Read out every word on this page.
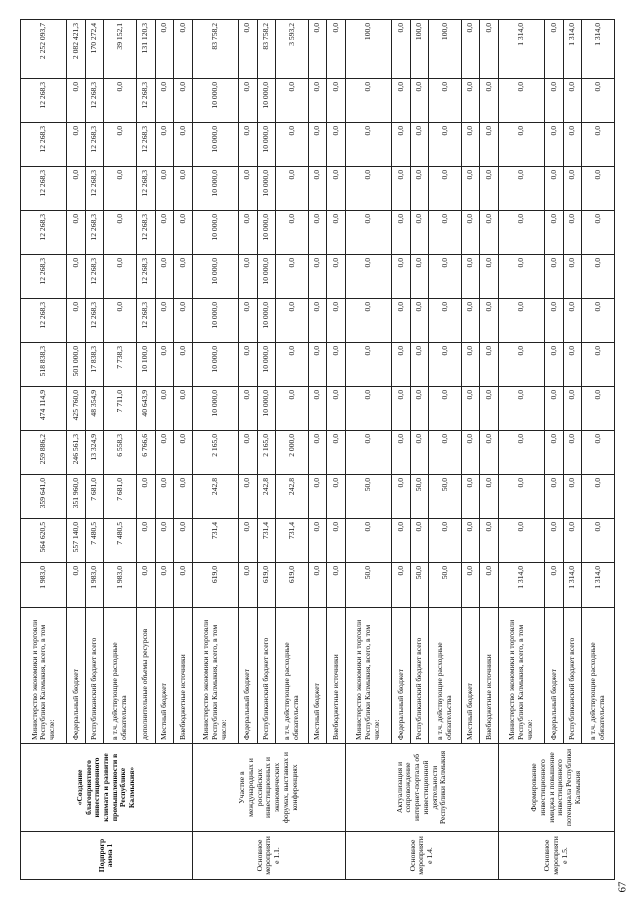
Подпрогр амма 1	«Создание благоприятного инвестиционного климата и развитие промышленности в Республике Калмыкия»	Министерство экономики и торговли Республики Калмыкия, всего, в том числе:	1 983,0	564 620,5	359 641,0	259 886,2	474 114,9	518 838,3	12 268,3	12 268,3	12 268,3	12 268,3	12 268,3	12 268,3	2 252 093,7
		Федеральный бюджет	0,0	557 140,0	351 960,0	246 561,3	425 760,0	501 000,0	0,0	0,0	0,0	0,0	0,0	0,0	2 082 421,3
		Республиканский бюджет всего	1 983,0	7 480,5	7 681,0	13 324,9	48 354,9	17 838,3	12 268,3	12 268,3	12 268,3	12 268,3	12 268,3	12 268,3	170 272,4
		в т.ч. действующие расходные обязательства	1 983,0	7 480,5	7 681,0	6 558,3	7 711,0	7 738,3	0,0	0,0	0,0	0,0	0,0	0,0	39 152,1
		дополнительные объемы ресурсов	0,0	0,0	0,0	6 766,6	40 643,9	10 100,0	12 268,3	12 268,3	12 268,3	12 268,3	12 268,3	12 268,3	131 120,3
		Местный бюджет	0,0	0,0	0,0	0,0	0,0	0,0	0,0	0,0	0,0	0,0	0,0	0,0	0,0
		Внебюджетные источники	0,0	0,0	0,0	0,0	0,0	0,0	0,0	0,0	0,0	0,0	0,0	0,0	0,0
Основное мероприяти е 1.1.	Участие в международных и российских инвестиционных и экономических форумах, выставках и конференциях	Министерство экономики и торговли Республики Калмыкия, всего, в том числе:	619,0	731,4	242,8	2 165,0	10 000,0	10 000,0	10 000,0	10 000,0	10 000,0	10 000,0	10 000,0	10 000,0	83 758,2
		Федеральный бюджет	0,0	0,0	0,0	0,0	0,0	0,0	0,0	0,0	0,0	0,0	0,0	0,0	0,0
		Республиканский бюджет всего	619,0	731,4	242,8	2 165,0	10 000,0	10 000,0	10 000,0	10 000,0	10 000,0	10 000,0	10 000,0	10 000,0	83 758,2
		в т.ч. действующие расходные обязательства	619,0	731,4	242,8	2 000,0	0,0	0,0	0,0	0,0	0,0	0,0	0,0	0,0	3 593,2
		Местный бюджет	0,0	0,0	0,0	0,0	0,0	0,0	0,0	0,0	0,0	0,0	0,0	0,0	0,0
		Внебюджетные источники	0,0	0,0	0,0	0,0	0,0	0,0	0,0	0,0	0,0	0,0	0,0	0,0	0,0
Основное мероприяти е 1.4.	Актуализация и сопровождение интернет-портала об инвестиционной деятельности Республики Калмыкия	Министерство экономики и торговли Республики Калмыкия, всего, в том числе:	50,0	0,0	50,0	0,0	0,0	0,0	0,0	0,0	0,0	0,0	0,0	0,0	100,0
		Федеральный бюджет	0,0	0,0	0,0	0,0	0,0	0,0	0,0	0,0	0,0	0,0	0,0	0,0	0,0
		Республиканский бюджет всего	50,0	0,0	50,0	0,0	0,0	0,0	0,0	0,0	0,0	0,0	0,0	0,0	100,0
		в т.ч. действующие расходные обязательства	50,0	0,0	50,0	0,0	0,0	0,0	0,0	0,0	0,0	0,0	0,0	0,0	100,0
		Местный бюджет	0,0	0,0	0,0	0,0	0,0	0,0	0,0	0,0	0,0	0,0	0,0	0,0	0,0
		Внебюджетные источники	0,0	0,0	0,0	0,0	0,0	0,0	0,0	0,0	0,0	0,0	0,0	0,0	0,0
Основное мероприяти е 1.5.	Формирование инвестиционного имиджа и повышение инвестиционного потенциала Республики Калмыкия	Министерство экономики и торговли Республики Калмыкия, всего, в том числе:	1 314,0	0,0	0,0	0,0	0,0	0,0	0,0	0,0	0,0	0,0	0,0	0,0	1 314,0
		Федеральный бюджет	0,0	0,0	0,0	0,0	0,0	0,0	0,0	0,0	0,0	0,0	0,0	0,0	0,0
		Республиканский бюджет всего	1 314,0	0,0	0,0	0,0	0,0	0,0	0,0	0,0	0,0	0,0	0,0	0,0	1 314,0
		в т.ч. действующие расходные обязательства	1 314,0	0,0	0,0	0,0	0,0	0,0	0,0	0,0	0,0	0,0	0,0	0,0	1 314,0
67
